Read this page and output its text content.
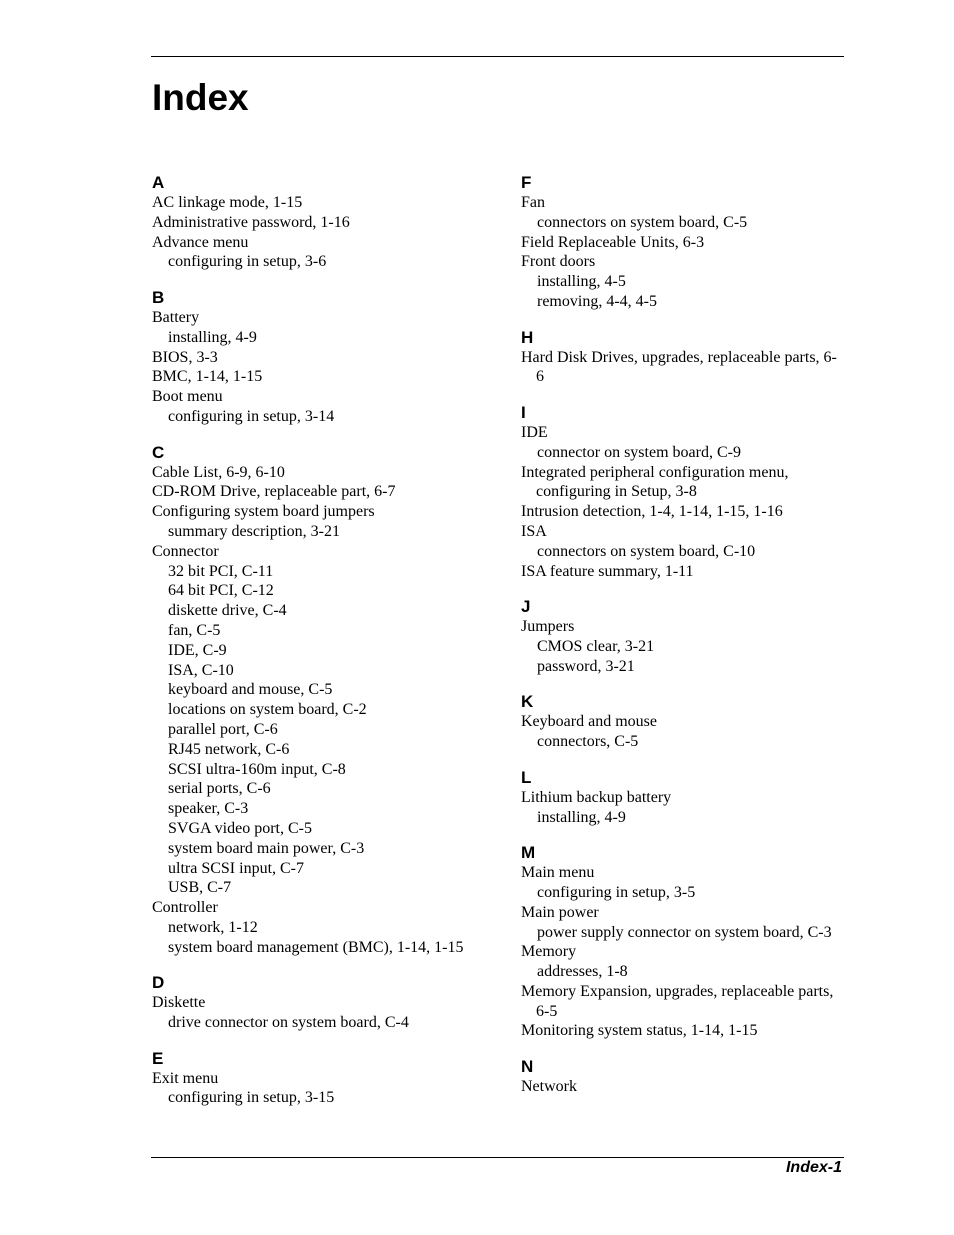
Index
A
AC linkage mode, 1-15
Administrative password, 1-16
Advance menu
configuring in setup, 3-6
B
Battery
installing, 4-9
BIOS, 3-3
BMC, 1-14, 1-15
Boot menu
configuring in setup, 3-14
C
Cable List, 6-9, 6-10
CD-ROM Drive, replaceable part, 6-7
Configuring system board jumpers
summary description, 3-21
Connector
32 bit PCI, C-11
64 bit PCI, C-12
diskette drive, C-4
fan, C-5
IDE, C-9
ISA, C-10
keyboard and mouse, C-5
locations on system board, C-2
parallel port, C-6
RJ45 network, C-6
SCSI ultra-160m input, C-8
serial ports, C-6
speaker, C-3
SVGA video port, C-5
system board main power, C-3
ultra SCSI input, C-7
USB, C-7
Controller
network, 1-12
system board management (BMC), 1-14, 1-15
D
Diskette
drive connector on system board, C-4
E
Exit menu
configuring in setup, 3-15
F
Fan
connectors on system board, C-5
Field Replaceable Units, 6-3
Front doors
installing, 4-5
removing, 4-4, 4-5
H
Hard Disk Drives, upgrades, replaceable parts, 6-6
I
IDE
connector on system board, C-9
Integrated peripheral configuration menu, configuring in Setup, 3-8
Intrusion detection, 1-4, 1-14, 1-15, 1-16
ISA
connectors on system board, C-10
ISA feature summary, 1-11
J
Jumpers
CMOS clear, 3-21
password, 3-21
K
Keyboard and mouse
connectors, C-5
L
Lithium backup battery
installing, 4-9
M
Main menu
configuring in setup, 3-5
Main power
power supply connector on system board, C-3
Memory
addresses, 1-8
Memory Expansion, upgrades, replaceable parts, 6-5
Monitoring system status, 1-14, 1-15
N
Network
Index-1
